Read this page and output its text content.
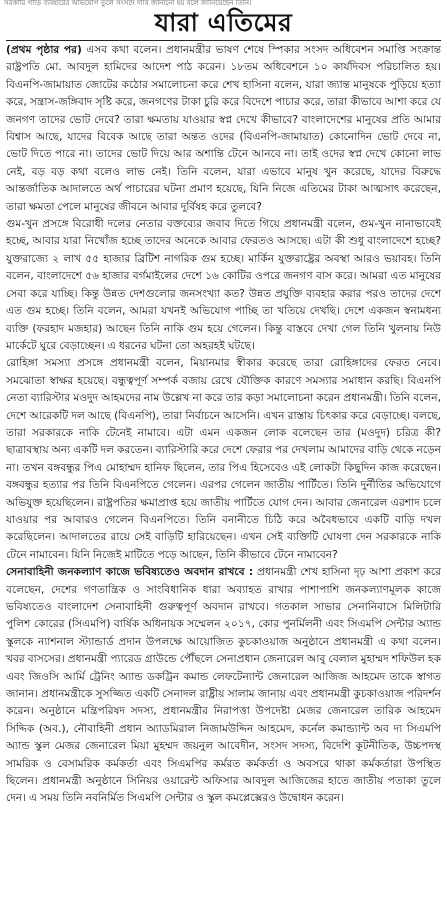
সরকারি গাড়ি ব্যবহারের অভিযোগ তুলে সংসদে দাবি জানানো হয় বলে জানিয়েছেন তিনি।
যারা এতিমের

(প্রথম পৃষ্ঠার পর) এসব কথা বলেন। প্রধানমন্ত্রীর ভাষণ শেষে স্পিকার সংসদ অধিবেশন সমাপ্তি সংক্রান্ত রাষ্ট্রপতি মো. আবদুল হামিদের আদেশ পাঠ করেন। ১৮তম অধিবেশনে ১০ কার্যদিবস পরিচালিত হয়। বিএনপি-জামায়াত জোটের কঠোর সমালোচনা করে শেখ হাসিনা বলেন, যারা জ্যান্ত মানুষকে পুড়িয়ে হত্যা করে, সন্ত্রাস-জঙ্গিবাদ সৃষ্টি করে, জনগণের টাকা চুরি করে বিদেশে পাচার করে, তারা কীভাবে আশা করে যে জনগণ তাদের ভোট দেবে? তারা ক্ষমতায় যাওয়ার স্বপ্ন দেখে কীভাবে? বাংলাদেশের মানুষের প্রতি আমার বিশ্বাস আছে, যাদের বিবেক আছে তারা অন্তত ওদের (বিএনপি-জামায়াত) কোনোদিন ভোট দেবে না, ভোট দিতে পারে না। তাদের ভোট দিয়ে আর অশান্তি টেনে আনবে না। তাই ওদের স্বপ্ন দেখে কোনো লাভ নেই, বড় বড় কথা বলেও লাভ নেই। তিনি বলেন, যারা এভাবে মানুষ খুন করেছে, যাদের বিরুদ্ধে আন্তর্জাতিক আদালতে অর্থ পাচারের ঘটনা প্রমাণ হয়েছে, যিনি নিজে এতিমের টাকা আত্মসাৎ করেছেন, তারা ক্ষমতা পেলে মানুষের জীবনে আবার দুর্বিষহ করে তুলবে?

গুম-খুন প্রসঙ্গে বিরোধী দলের নেতার বক্তব্যের জবাব দিতে গিয়ে প্রধানমন্ত্রী বলেন, গুম-খুন নানাভাবেই হচ্ছে, আবার যারা নিখোঁজ হচ্ছে তাদের অনেকে আবার ফেরতও আসছে। এটা কী শুধু বাংলাদেশে হচ্ছে? যুক্তরাজ্যে ২ লাখ ৫৫ হাজার ব্রিটিশ নাগরিক গুম হচ্ছে। মার্কিন যুক্তরাষ্ট্রের অবস্থা আরও ভয়াবহ। তিনি বলেন, বাংলাদেশে ৫৬ হাজার বর্গমাইলের দেশে ১৬ কোটির ওপরে জনগণ বাস করে। আমরা এত মানুষের সেবা করে যাচ্ছি। কিন্তু উন্নত দেশগুলোর জনসংখ্যা কত? উন্নত প্রযুক্তি ব্যবহার করার পরও তাদের দেশে এত গুম হচ্ছে। তিনি বলেন, আমরা যখনই অভিযোগ পাচ্ছি তা খতিয়ে দেখছি। দেশে একজন স্বনামধন্য ব্যক্তি (ফরহাদ মজহার) আছেন তিনি নাকি গুম হয়ে গেলেন। কিন্তু বাস্তবে দেখা গেল তিনি খুলনায় নিউ মার্কেটে ঘুরে বেড়াচ্ছেন। এ ধরনের ঘটনা তো অহরহই ঘটছে।

রোহিঙ্গা সমস্যা প্রসঙ্গে প্রধানমন্ত্রী বলেন, মিয়ানমার স্বীকার করেছে তারা রোহিঙ্গাদের ফেরত নেবে। সমঝোতা স্বাক্ষর হয়েছে। বন্ধুত্বপূর্ণ সম্পর্ক বজায় রেখে যৌক্তিক কারণে সমস্যার সমাধান করছি। বিএনপি নেতা ব্যারিস্টার মওদুদ আহমদের নাম উল্লেখ না করে তার কড়া সমালোচনা করেন প্রধানমন্ত্রী। তিনি বলেন, দেশে আরেকটি দল আছে (বিএনপি), তারা নির্বাচনে আসেনি। এখন রাস্তায় চিৎকার করে বেড়াচ্ছে। বলছে, তারা সরকারকে নাকি টেনেই নামাবে। এটা এমন একজন লোক বলেছেন তার (মওদুদ) চরিত্র কী? ছাত্রাবস্থায় অন্য একটি দল করতেন। ব্যারিস্টারি করে দেশে ফেরার পর দেখলাম আমাদের বাড়ি থেকে নড়েন না। তখন বঙ্গবন্ধুর পিএ মোহাম্মদ হানিফ ছিলেন, তার পিএ হিসেবেও এই লোকটা কিছুদিন কাজ করেছেন। বঙ্গবন্ধুর হত্যার পর তিনি বিএনপিতে গেলেন। এরপর গেলেন জাতীয় পার্টিতে। তিনি দুর্নীতির অভিযোগে অভিযুক্ত হয়েছিলেন। রাষ্ট্রপতির ক্ষমাপ্রাপ্ত হয়ে জাতীয় পার্টিতে যোগ দেন। আবার জেনারেল এরশাদ চলে যাওয়ার পর আবারও গেলেন বিএনপিতে। তিনি বনানীতে চিঠি করে অবৈধভাবে একটি বাড়ি দখল করেছিলেন। আদালতের রায়ে সেই বাড়িটি হারিয়েছেন। এখন সেই ব্যক্তিটি ঘোষণা দেন সরকারকে নাকি টেনে নামাবেন। যিনি নিজেই মাটিতে পড়ে আছেন, তিনি কীভাবে টেনে নামাবেন?

সেনাবাহিনী জনকল্যাণ কাজে ভবিষ্যতেও অবদান রাখবে : প্রধানমন্ত্রী শেখ হাসিনা দৃঢ় আশা প্রকাশ করে বলেছেন, দেশের গণতান্ত্রিক ও সাংবিধানিক ধারা অব্যাহত রাখার পাশাপাশি জনকল্যাণমূলক কাজে ভবিষ্যতেও বাংলাদেশ সেনাবাহিনী গুরুত্বপূর্ণ অবদান রাখবে। গতকাল সাভার সেনানিবাসে মিলিটারি পুলিশ কোরের (সিএমপি) বার্ষিক অধিনায়ক সম্মেলন ২০১৭, কোর পুনর্মিলনী এবং সিএমপি সেন্টার অ্যান্ড স্কুলকে ন্যাশনাল স্ট্যান্ডার্ড প্রদান উপলক্ষে আয়োজিত কুচকাওয়াজ অনুষ্ঠানে প্রধানমন্ত্রী এ কথা বলেন। খবর বাসসের। প্রধানমন্ত্রী প্যারেড গ্রাউন্ডে পৌঁছলে সেনাপ্রধান জেনারেল আবু বেলাল মুহাম্মদ শফিউল হক এবং জিওসি আর্মি ট্রেনিং অ্যান্ড ডকট্রিন কমান্ড লেফটেন্যান্ট জেনারেল আজিজ আহমেদ তাকে স্বাগত জানান। প্রধানমন্ত্রীকে সুসজ্জিত একটি সেনাদল রাষ্ট্রীয় সালাম জানায় এবং প্রধানমন্ত্রী কুচকাওয়াজ পরিদর্শন করেন। অনুষ্ঠানে মন্ত্রিপরিষদ সদস্য, প্রধানমন্ত্রীর নিরাপত্তা উপদেষ্টা মেজর জেনারেল তারিক আহমেদ সিদ্দিক (অব.), নৌবাহিনী প্রধান অ্যাডমিরাল নিজামউদ্দিন আহমেদ, কর্নেল কমান্ড্যান্ট অব দ্য সিএমপি অ্যান্ড স্কুল মেজর জেনারেল মিয়া মুহম্মদ জয়নুল আবেদীন, সংসদ সদস্য, বিদেশি কূটনীতিক, উচ্চপদস্থ সামরিক ও বেসামরিক কর্মকর্তা এবং সিএমপির কর্মরত কর্মকর্তা ও অবসরে থাকা কর্মকর্তারা উপস্থিত ছিলেন। প্রধানমন্ত্রী অনুষ্ঠানে সিনিয়র ওয়ারেন্ট অফিসার আবদুল আজিজের হাতে জাতীয় পতাকা তুলে দেন। এ সময় তিনি নবনির্মিত সিএমপি সেন্টার ও স্কুল কমপ্লেক্সেরও উদ্বোধন করেন।
